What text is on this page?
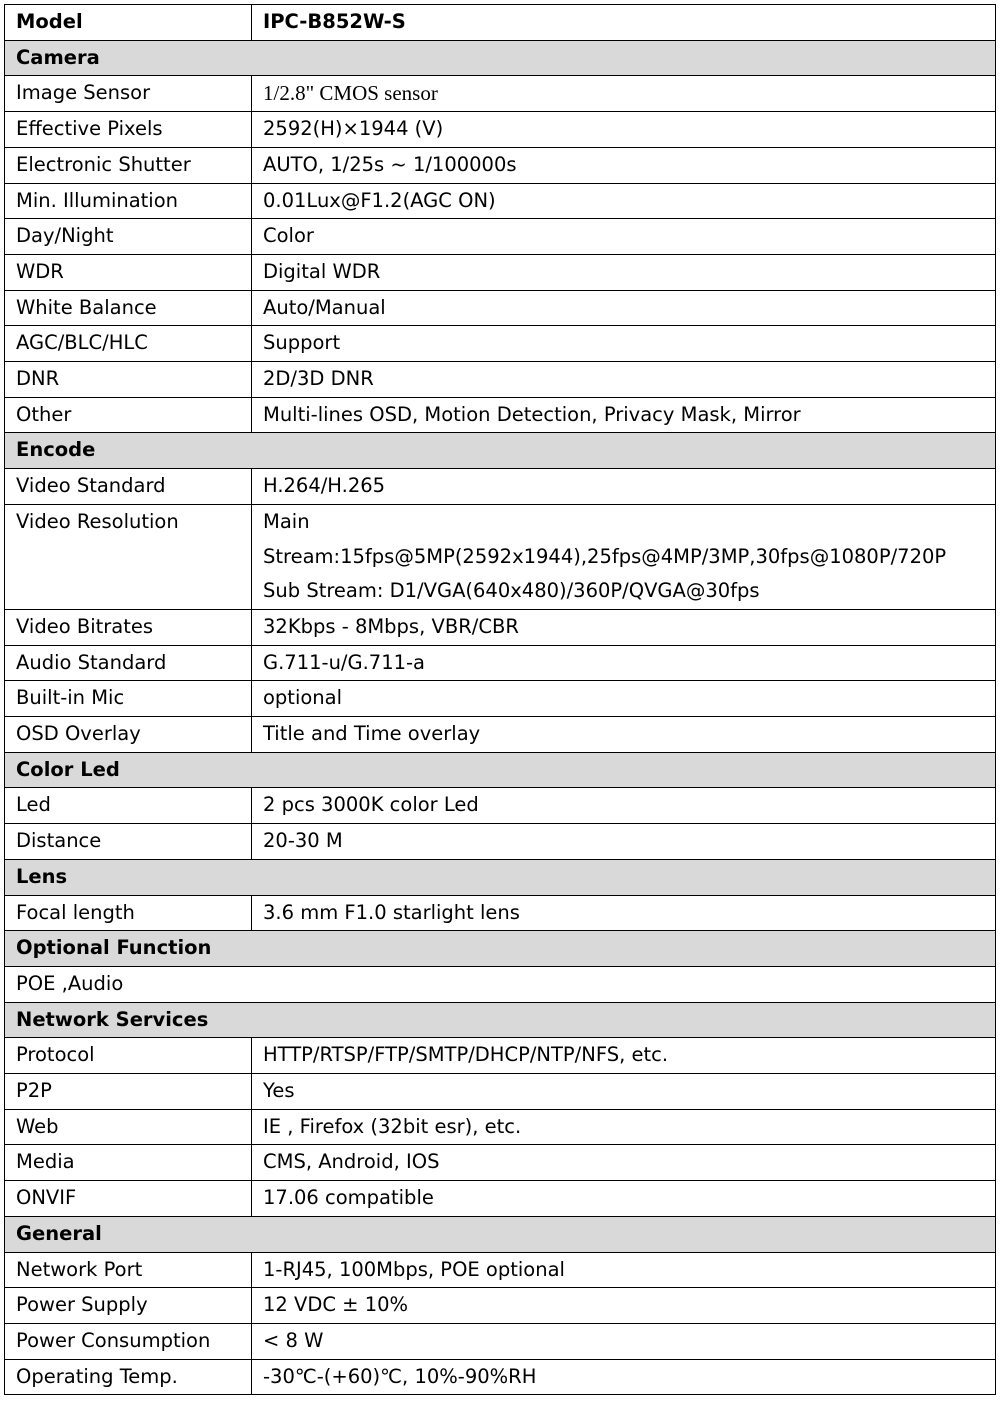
Model	IPC-B852W-S
Camera	
Image Sensor	1/2.8" CMOS sensor
Effective Pixels	2592(H)×1944 (V)
Electronic Shutter	AUTO, 1/25s ~ 1/100000s
Min. Illumination	0.01Lux@F1.2(AGC ON)
Day/Night	Color
WDR	Digital WDR
White Balance	Auto/Manual
AGC/BLC/HLC	Support
DNR	2D/3D DNR
Other	Multi-lines OSD, Motion Detection, Privacy Mask, Mirror
Encode	
Video Standard	H.264/H.265
Video Resolution	Main
Stream:15fps@5MP(2592x1944),25fps@4MP/3MP,30fps@1080P/720P
Sub Stream: D1/VGA(640x480)/360P/QVGA@30fps

Video Bitrates	32Kbps - 8Mbps, VBR/CBR
Audio Standard	G.711-u/G.711-a
Built-in Mic	optional
OSD Overlay	Title and Time overlay
Color Led	
Led	2 pcs 3000K color Led
Distance	20-30 M
Lens	
Focal length	3.6 mm F1.0 starlight lens
Optional Function	
POE ,Audio	
Network Services	
Protocol	HTTP/RTSP/FTP/SMTP/DHCP/NTP/NFS, etc.
P2P	Yes
Web	IE , Firefox (32bit esr), etc.
Media	CMS, Android, IOS
ONVIF	17.06 compatible
General	
Network Port	1-RJ45, 100Mbps, POE optional
Power Supply	12 VDC ± 10%
Power Consumption	< 8 W
Operating Temp.	-30℃-(+60)℃, 10%-90%RH
